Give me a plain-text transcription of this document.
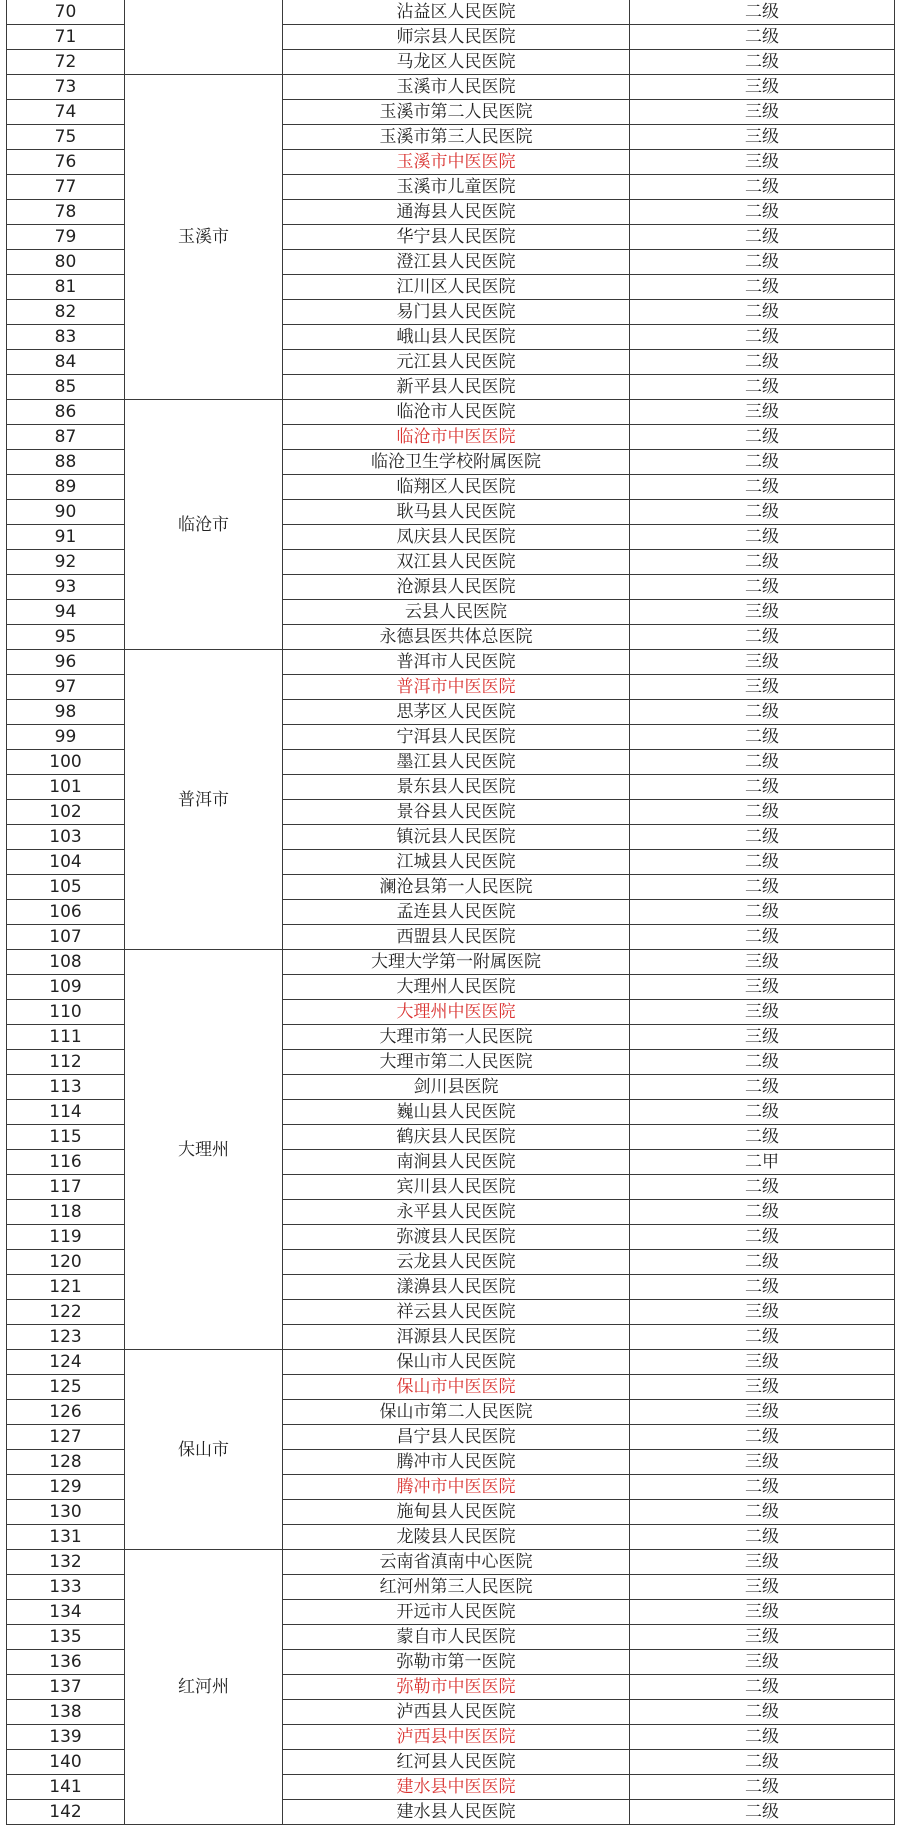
70		沾益区人民医院	二级
71		师宗县人民医院	二级
72		马龙区人民医院	二级
73	玉溪市	玉溪市人民医院	三级
74		玉溪市第二人民医院	三级
75		玉溪市第三人民医院	三级
76		玉溪市中医医院	三级
77		玉溪市儿童医院	二级
78		通海县人民医院	二级
79		华宁县人民医院	二级
80		澄江县人民医院	二级
81		江川区人民医院	二级
82		易门县人民医院	二级
83		峨山县人民医院	二级
84		元江县人民医院	二级
85		新平县人民医院	二级
86	临沧市	临沧市人民医院	三级
87		临沧市中医医院	二级
88		临沧卫生学校附属医院	二级
89		临翔区人民医院	二级
90		耿马县人民医院	二级
91		凤庆县人民医院	二级
92		双江县人民医院	二级
93		沧源县人民医院	二级
94		云县人民医院	三级
95		永德县医共体总医院	二级
96	普洱市	普洱市人民医院	三级
97		普洱市中医医院	三级
98		思茅区人民医院	二级
99		宁洱县人民医院	二级
100		墨江县人民医院	二级
101		景东县人民医院	二级
102		景谷县人民医院	二级
103		镇沅县人民医院	二级
104		江城县人民医院	二级
105		澜沧县第一人民医院	二级
106		孟连县人民医院	二级
107		西盟县人民医院	二级
108	大理州	大理大学第一附属医院	三级
109		大理州人民医院	三级
110		大理州中医医院	三级
111		大理市第一人民医院	三级
112		大理市第二人民医院	二级
113		剑川县医院	二级
114		巍山县人民医院	二级
115		鹤庆县人民医院	二级
116		南涧县人民医院	二甲
117		宾川县人民医院	二级
118		永平县人民医院	二级
119		弥渡县人民医院	二级
120		云龙县人民医院	二级
121		漾濞县人民医院	二级
122		祥云县人民医院	三级
123		洱源县人民医院	二级
124	保山市	保山市人民医院	三级
125		保山市中医医院	三级
126		保山市第二人民医院	三级
127		昌宁县人民医院	二级
128		腾冲市人民医院	三级
129		腾冲市中医医院	二级
130		施甸县人民医院	二级
131		龙陵县人民医院	二级
132	红河州	云南省滇南中心医院	三级
133		红河州第三人民医院	三级
134		开远市人民医院	三级
135		蒙自市人民医院	三级
136		弥勒市第一医院	三级
137		弥勒市中医医院	二级
138		泸西县人民医院	二级
139		泸西县中医医院	二级
140		红河县人民医院	二级
141		建水县中医医院	二级
142		建水县人民医院	二级
